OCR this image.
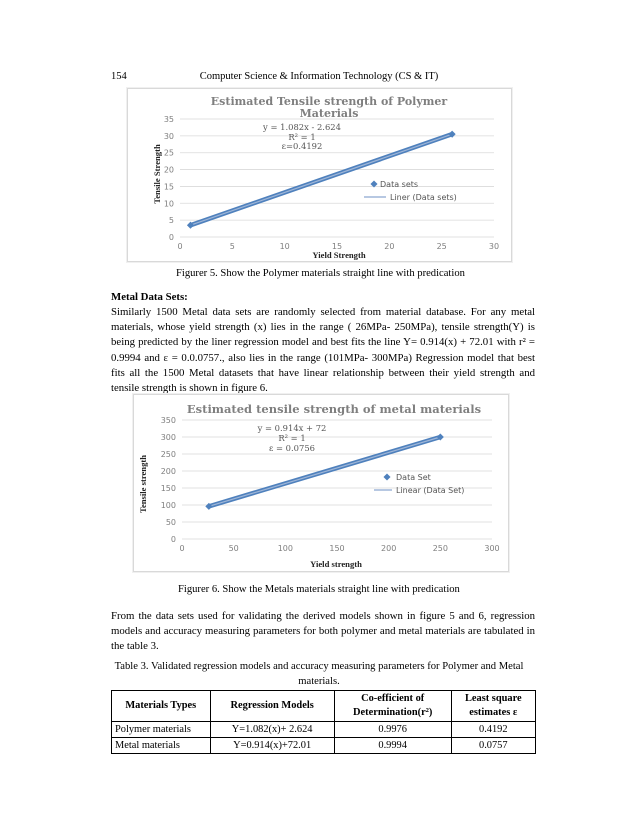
154	Computer Science & Information Technology (CS & IT)
0
5
10
15
20
25
30
35
0	5	10	15	20	25	30
Estimated Tensile strength of Polymer
Materials
Tensile Strength
Yield Strength
y = 1.082x - 2.624
R² = 1
ε=0.4192
Data sets
Liner (Data sets)
Figurer 5. Show the Polymer materials straight line with predication
Metal Data Sets:

Similarly 1500 Metal data sets are randomly selected from material database. For any metal materials, whose yield strength (x) lies in the range ( 26MPa- 250MPa), tensile strength(Y) is being predicted by the liner regression model and best fits the line Y= 0.914(x) + 72.01 with r² = 0.9994 and ε = 0.0.0757., also lies in the range (101MPa- 300MPa) Regression model that best fits all the 1500 Metal datasets that have linear relationship between their yield strength and tensile strength is shown in figure 6.

0
50
100
150
200
250
300
350
0	50	100	150	200	250	300
Estimated tensile strength of metal materials
Tensile strength
Yield strength
y = 0.914x + 72
R² = 1
ε = 0.0756
Data Set
Linear (Data Set)
Figurer 6. Show the Metals materials straight line with predication

From the data sets used for validating the derived models shown in figure 5 and 6, regression models and accuracy measuring parameters for both polymer and metal materials are tabulated in the table 3.

Table 3. Validated regression models and accuracy measuring parameters for Polymer and Metal
materials.
Materials Types	Regression Models	Co-efficient of Determination(r²)	Least square estimates ε
Polymer materials	Y=1.082(x)+ 2.624	0.9976	0.4192
Metal materials	Y=0.914(x)+72.01	0.9994	0.0757
